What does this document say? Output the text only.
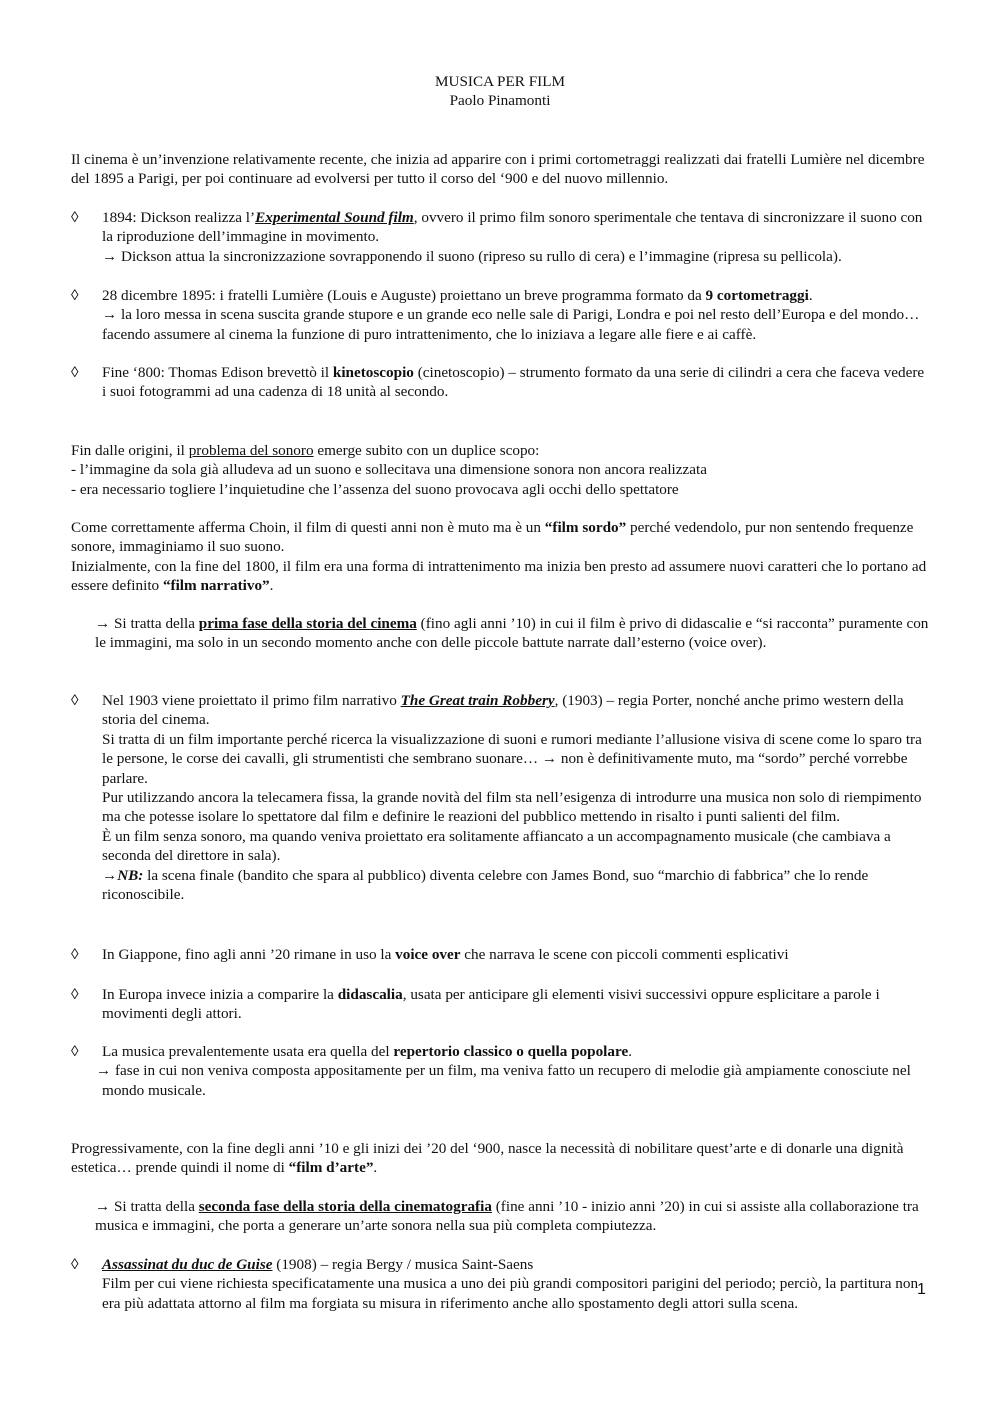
MUSICA PER FILM
Paolo Pinamonti
Il cinema è un’invenzione relativamente recente, che inizia ad apparire con i primi cortometraggi realizzati dai fratelli Lumière nel dicembre del 1895 a Parigi, per poi continuare ad evolversi per tutto il corso del ‘900 e del nuovo millennio.
◊	1894: Dickson realizza l’Experimental Sound film, ovvero il primo film sonoro sperimentale che tentava di sincronizzare il suono con la riproduzione dell’immagine in movimento.
→ Dickson attua la sincronizzazione sovrapponendo il suono (ripreso su rullo di cera) e l’immagine (ripresa su pellicola).
◊	28 dicembre 1895: i fratelli Lumière (Louis e Auguste) proiettano un breve programma formato da 9 cortometraggi.
→ la loro messa in scena suscita grande stupore e un grande eco nelle sale di Parigi, Londra e poi nel resto dell’Europa e del mondo… facendo assumere al cinema la funzione di puro intrattenimento, che lo iniziava a legare alle fiere e ai caffè.
◊	Fine ‘800: Thomas Edison brevettò il kinetoscopio (cinetoscopio) – strumento formato da una serie di cilindri a cera che faceva vedere i suoi fotogrammi ad una cadenza di 18 unità al secondo.
Fin dalle origini, il problema del sonoro emerge subito con un duplice scopo:
- l’immagine da sola già alludeva ad un suono e sollecitava una dimensione sonora non ancora realizzata
- era necessario togliere l’inquietudine che l’assenza del suono provocava agli occhi dello spettatore
Come correttamente afferma Choin, il film di questi anni non è muto ma è un “film sordo” perché vedendolo, pur non sentendo frequenze sonore, immaginiamo il suo suono.
Inizialmente, con la fine del 1800, il film era una forma di intrattenimento ma inizia ben presto ad assumere nuovi caratteri che lo portano ad essere definito “film narrativo”.
→ Si tratta della prima fase della storia del cinema (fino agli anni ’10) in cui il film è privo di didascalie e “si racconta” puramente con le immagini, ma solo in un secondo momento anche con delle piccole battute narrate dall’esterno (voice over).
◊	Nel 1903 viene proiettato il primo film narrativo The Great train Robbery, (1903) – regia Porter, nonché anche primo western della storia del cinema.
Si tratta di un film importante perché ricerca la visualizzazione di suoni e rumori mediante l’allusione visiva di scene come lo sparo tra le persone, le corse dei cavalli, gli strumentisti che sembrano suonare… → non è definitivamente muto, ma “sordo” perché vorrebbe parlare.
Pur utilizzando ancora la telecamera fissa, la grande novità del film sta nell’esigenza di introdurre una musica non solo di riempimento ma che potesse isolare lo spettatore dal film e definire le reazioni del pubblico mettendo in risalto i punti salienti del film.
È un film senza sonoro, ma quando veniva proiettato era solitamente affiancato a un accompagnamento musicale (che cambiava a seconda del direttore in sala).
→NB: la scena finale (bandito che spara al pubblico) diventa celebre con James Bond, suo “marchio di fabbrica” che lo rende riconoscibile.
◊	In Giappone, fino agli anni ’20 rimane in uso la voice over che narrava le scene con piccoli commenti esplicativi
◊	In Europa invece inizia a comparire la didascalia, usata per anticipare gli elementi visivi successivi oppure esplicitare a parole i movimenti degli attori.
◊	La musica prevalentemente usata era quella del repertorio classico o quella popolare.
→ fase in cui non veniva composta appositamente per un film, ma veniva fatto un recupero di melodie già ampiamente conosciute nel mondo musicale.
Progressivamente, con la fine degli anni ’10 e gli inizi dei ’20 del ‘900, nasce la necessità di nobilitare quest’arte e di donarle una dignità estetica… prende quindi il nome di “film d’arte”.
→ Si tratta della seconda fase della storia della cinematografia (fine anni ’10 - inizio anni ’20) in cui si assiste alla collaborazione tra musica e immagini, che porta a generare un’arte sonora nella sua più completa compiutezza.
◊	Assassinat du duc de Guise (1908) – regia Bergy / musica Saint-Saens
Film per cui viene richiesta specificatamente una musica a uno dei più grandi compositori parigini del periodo; perciò, la partitura non era più adattata attorno al film ma forgiata su misura in riferimento anche allo spostamento degli attori sulla scena.
1
